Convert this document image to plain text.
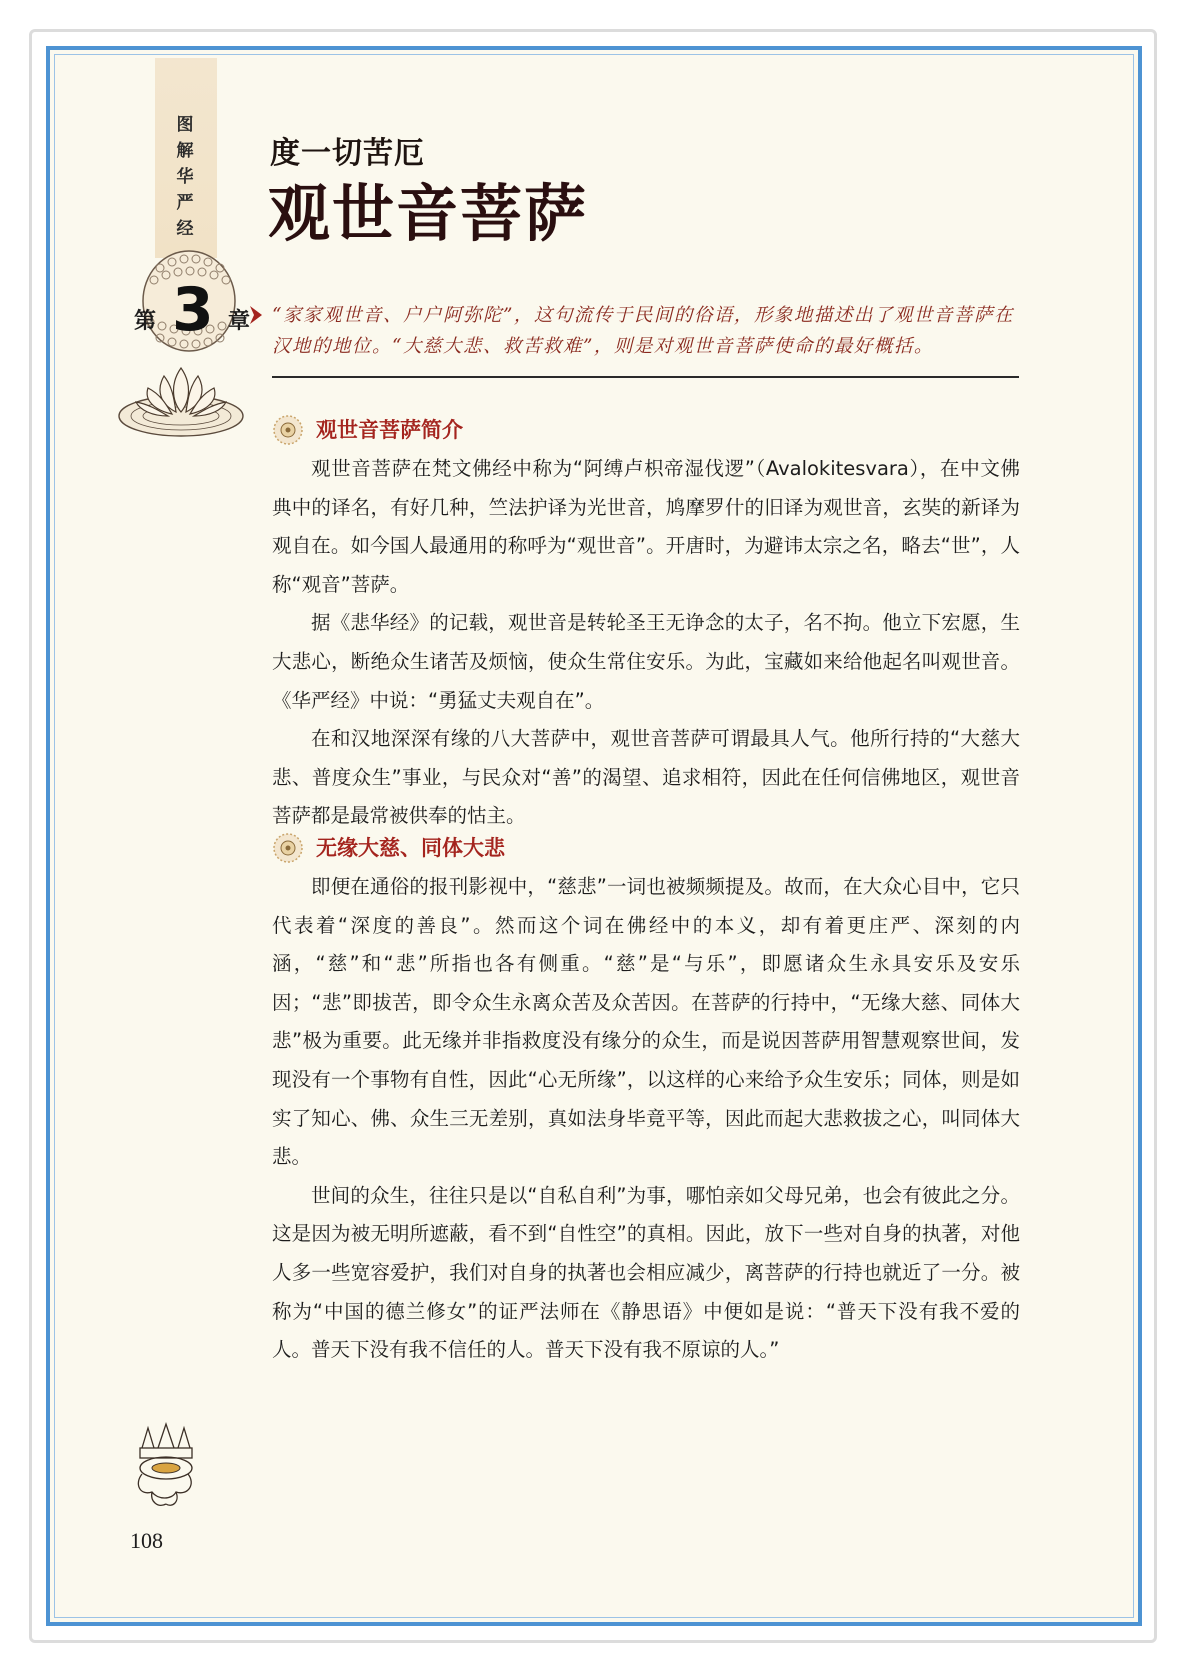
图
解
华
严
经
第 3 章
度一切苦厄
观世音菩萨
“家家观世音、户户阿弥陀”，这句流传于民间的俗语，形象地描述出了观世音菩萨在汉地的地位。“大慈大悲、救苦救难”，则是对观世音菩萨使命的最好概括。
观世音菩萨简介

观世音菩萨在梵文佛经中称为“阿缚卢枳帝湿伐逻”（Avalokitesvara），在中文佛典中的译名，有好几种，竺法护译为光世音，鸠摩罗什的旧译为观世音，玄奘的新译为观自在。如今国人最通用的称呼为“观世音”。开唐时，为避讳太宗之名，略去“世”，人称“观音”菩萨。

据《悲华经》的记载，观世音是转轮圣王无诤念的太子，名不拘。他立下宏愿，生大悲心，断绝众生诸苦及烦恼，使众生常住安乐。为此，宝藏如来给他起名叫观世音。《华严经》中说：“勇猛丈夫观自在”。

在和汉地深深有缘的八大菩萨中，观世音菩萨可谓最具人气。他所行持的“大慈大悲、普度众生”事业，与民众对“善”的渴望、追求相符，因此在任何信佛地区，观世音菩萨都是最常被供奉的怙主。

无缘大慈、同体大悲

即便在通俗的报刊影视中，“慈悲”一词也被频频提及。故而，在大众心目中，它只代表着“深度的善良”。然而这个词在佛经中的本义，却有着更庄严、深刻的内涵，“慈”和“悲”所指也各有侧重。“慈”是“与乐”，即愿诸众生永具安乐及安乐因；“悲”即拔苦，即令众生永离众苦及众苦因。在菩萨的行持中，“无缘大慈、同体大悲”极为重要。此无缘并非指救度没有缘分的众生，而是说因菩萨用智慧观察世间，发现没有一个事物有自性，因此“心无所缘”，以这样的心来给予众生安乐；同体，则是如实了知心、佛、众生三无差别，真如法身毕竟平等，因此而起大悲救拔之心，叫同体大悲。

世间的众生，往往只是以“自私自利”为事，哪怕亲如父母兄弟，也会有彼此之分。这是因为被无明所遮蔽，看不到“自性空”的真相。因此，放下一些对自身的执著，对他人多一些宽容爱护，我们对自身的执著也会相应减少，离菩萨的行持也就近了一分。被称为“中国的德兰修女”的证严法师在《静思语》中便如是说：“普天下没有我不爱的人。普天下没有我不信任的人。普天下没有我不原谅的人。”

108
